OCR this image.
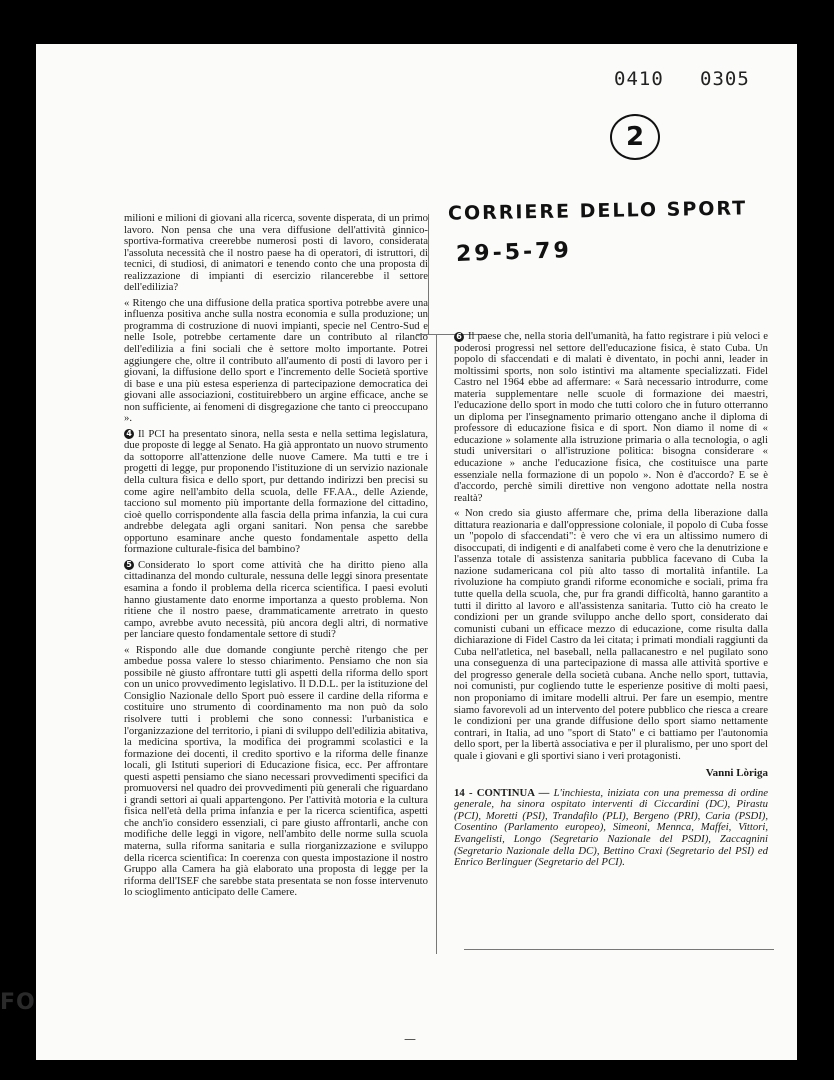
0410 0305
2
CORRIERE DELLO SPORT
29-5-79

milioni e milioni di giovani alla ricerca, sovente disperata, di un primo lavoro. Non pensa che una vera diffusione dell'attività ginnico-sportiva-formativa creerebbe numerosi posti di lavoro, considerata l'assoluta necessità che il nostro paese ha di operatori, di istruttori, di tecnici, di studiosi, di animatori e tenendo conto che una proposta di realizzazione di impianti di esercizio rilancerebbe il settore dell'edilizia?

« Ritengo che una diffusione della pratica sportiva potrebbe avere una influenza positiva anche sulla nostra economia e sulla produzione; un programma di costruzione di nuovi impianti, specie nel Centro-Sud e nelle Isole, potrebbe certamente dare un contributo al rilancio dell'edilizia a fini sociali che è settore molto importante. Potrei aggiungere che, oltre il contributo all'aumento di posti di lavoro per i giovani, la diffusione dello sport e l'incremento delle Società sportive di base e una più estesa esperienza di partecipazione democratica dei giovani alle associazioni, costituirebbero un argine efficace, anche se non sufficiente, ai fenomeni di disgregazione che tanto ci preoccupano ».

4 Il PCI ha presentato sinora, nella sesta e nella settima legislatura, due proposte di legge al Senato. Ha già approntato un nuovo strumento da sottoporre all'attenzione delle nuove Camere. Ma tutti e tre i progetti di legge, pur proponendo l'istituzione di un servizio nazionale della cultura fisica e dello sport, pur dettando indirizzi ben precisi su come agire nell'ambito della scuola, delle FF.AA., delle Aziende, tacciono sul momento più importante della formazione del cittadino, cioè quello corrispondente alla fascia della prima infanzia, la cui cura andrebbe delegata agli organi sanitari. Non pensa che sarebbe opportuno esaminare anche questo fondamentale aspetto della formazione culturale-fisica del bambino?

5 Considerato lo sport come attività che ha diritto pieno alla cittadinanza del mondo culturale, nessuna delle leggi sinora presentate esamina a fondo il problema della ricerca scientifica. I paesi evoluti hanno giustamente dato enorme importanza a questo problema. Non ritiene che il nostro paese, drammaticamente arretrato in questo campo, avrebbe avuto necessità, più ancora degli altri, di normative per lanciare questo fondamentale settore di studi?

« Rispondo alle due domande congiunte perchè ritengo che per ambedue possa valere lo stesso chiarimento. Pensiamo che non sia possibile nè giusto affrontare tutti gli aspetti della riforma dello sport con un unico provvedimento legislativo. Il D.D.L. per la istituzione del Consiglio Nazionale dello Sport può essere il cardine della riforma e costituire uno strumento di coordinamento ma non può da solo risolvere tutti i problemi che sono connessi: l'urbanistica e l'organizzazione del territorio, i piani di sviluppo dell'edilizia abitativa, la medicina sportiva, la modifica dei programmi scolastici e la formazione dei docenti, il credito sportivo e la riforma delle finanze locali, gli Istituti superiori di Educazione fisica, ecc. Per affrontare questi aspetti pensiamo che siano necessari provvedimenti specifici da promuoversi nel quadro dei provvedimenti più generali che riguardano i grandi settori ai quali appartengono. Per l'attività motoria e la cultura fisica nell'età della prima infanzia e per la ricerca scientifica, aspetti che anch'io considero essenziali, ci pare giusto affrontarli, anche con modifiche delle leggi in vigore, nell'ambito delle norme sulla scuola materna, sulla riforma sanitaria e sulla riorganizzazione e sviluppo della ricerca scientifica: In coerenza con questa impostazione il nostro Gruppo alla Camera ha già elaborato una proposta di legge per la riforma dell'ISEF che sarebbe stata presentata se non fosse intervenuto lo scioglimento anticipato delle Camere.

6 Il paese che, nella storia dell'umanità, ha fatto registrare i più veloci e poderosi progressi nel settore dell'educazione fisica, è stato Cuba. Un popolo di sfaccendati e di malati è diventato, in pochi anni, leader in moltissimi sports, non solo istintivi ma altamente specializzati. Fidel Castro nel 1964 ebbe ad affermare: « Sarà necessario introdurre, come materia supplementare nelle scuole di formazione dei maestri, l'educazione dello sport in modo che tutti coloro che in futuro otterranno un diploma per l'insegnamento primario ottengano anche il diploma di professore di educazione fisica e di sport. Non diamo il nome di « educazione » solamente alla istruzione primaria o alla tecnologia, o agli studi universitari o all'istruzione politica: bisogna considerare « educazione » anche l'educazione fisica, che costituisce una parte essenziale nella formazione di un popolo ». Non è d'accordo? E se è d'accordo, perchè simili direttive non vengono adottate nella nostra realtà?

« Non credo sia giusto affermare che, prima della liberazione dalla dittatura reazionaria e dall'oppressione coloniale, il popolo di Cuba fosse un "popolo di sfaccendati": è vero che vi era un altissimo numero di disoccupati, di indigenti e di analfabeti come è vero che la denutrizione e l'assenza totale di assistenza sanitaria pubblica facevano di Cuba la nazione sudamericana col più alto tasso di mortalità infantile. La rivoluzione ha compiuto grandi riforme economiche e sociali, prima fra tutte quella della scuola, che, pur fra grandi difficoltà, hanno garantito a tutti il diritto al lavoro e all'assistenza sanitaria. Tutto ciò ha creato le condizioni per un grande sviluppo anche dello sport, considerato dai comunisti cubani un efficace mezzo di educazione, come risulta dalla dichiarazione di Fidel Castro da lei citata; i primati mondiali raggiunti da Cuba nell'atletica, nel baseball, nella pallacanestro e nel pugilato sono una conseguenza di una partecipazione di massa alle attività sportive e del progresso generale della società cubana. Anche nello sport, tuttavia, noi comunisti, pur cogliendo tutte le esperienze positive di molti paesi, non proponiamo di imitare modelli altrui. Per fare un esempio, mentre siamo favorevoli ad un intervento del potere pubblico che riesca a creare le condizioni per una grande diffusione dello sport siamo nettamente contrari, in Italia, ad uno "sport di Stato" e ci battiamo per l'autonomia dello sport, per la libertà associativa e per il pluralismo, per uno sport del quale i giovani e gli sportivi siano i veri protagonisti.

Vanni Lòriga

14 - CONTINUA — L'inchiesta, iniziata con una premessa di ordine generale, ha sinora ospitato interventi di Ciccardini (DC), Pirastu (PCI), Moretti (PSI), Trandafilo (PLI), Bergeno (PRI), Caria (PSDI), Cosentino (Parlamento europeo), Simeoni, Mennca, Maffei, Vittori, Evangelisti, Longo (Segretario Nazionale del PSDI), Zaccagnini (Segretario Nazionale della DC), Bettino Craxi (Segretario del PSI) ed Enrico Berlinguer (Segretario del PCI).

—
FO
